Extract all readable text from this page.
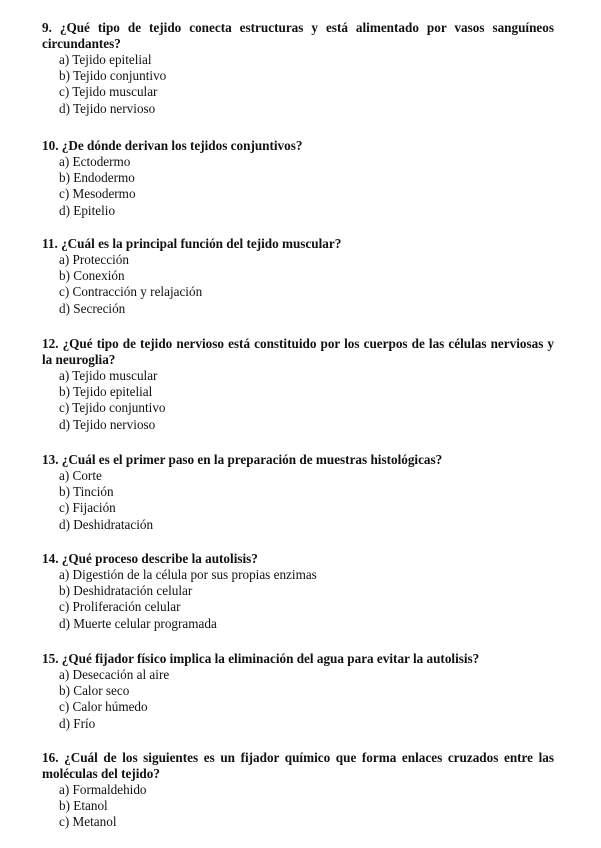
9. ¿Qué tipo de tejido conecta estructuras y está alimentado por vasos sanguíneos circundantes?

a) Tejido epitelial
b) Tejido conjuntivo
c) Tejido muscular
d) Tejido nervioso

10. ¿De dónde derivan los tejidos conjuntivos?

a) Ectodermo
b) Endodermo
c) Mesodermo
d) Epitelio

11. ¿Cuál es la principal función del tejido muscular?

a) Protección
b) Conexión
c) Contracción y relajación
d) Secreción

12. ¿Qué tipo de tejido nervioso está constituido por los cuerpos de las células nerviosas y la neuroglia?

a) Tejido muscular
b) Tejido epitelial
c) Tejido conjuntivo
d) Tejido nervioso

13. ¿Cuál es el primer paso en la preparación de muestras histológicas?

a) Corte
b) Tinción
c) Fijación
d) Deshidratación

14. ¿Qué proceso describe la autolisis?

a) Digestión de la célula por sus propias enzimas
b) Deshidratación celular
c) Proliferación celular
d) Muerte celular programada

15. ¿Qué fijador físico implica la eliminación del agua para evitar la autolisis?

a) Desecación al aire
b) Calor seco
c) Calor húmedo
d) Frío

16. ¿Cuál de los siguientes es un fijador químico que forma enlaces cruzados entre las moléculas del tejido?

a) Formaldehido
b) Etanol
c) Metanol
